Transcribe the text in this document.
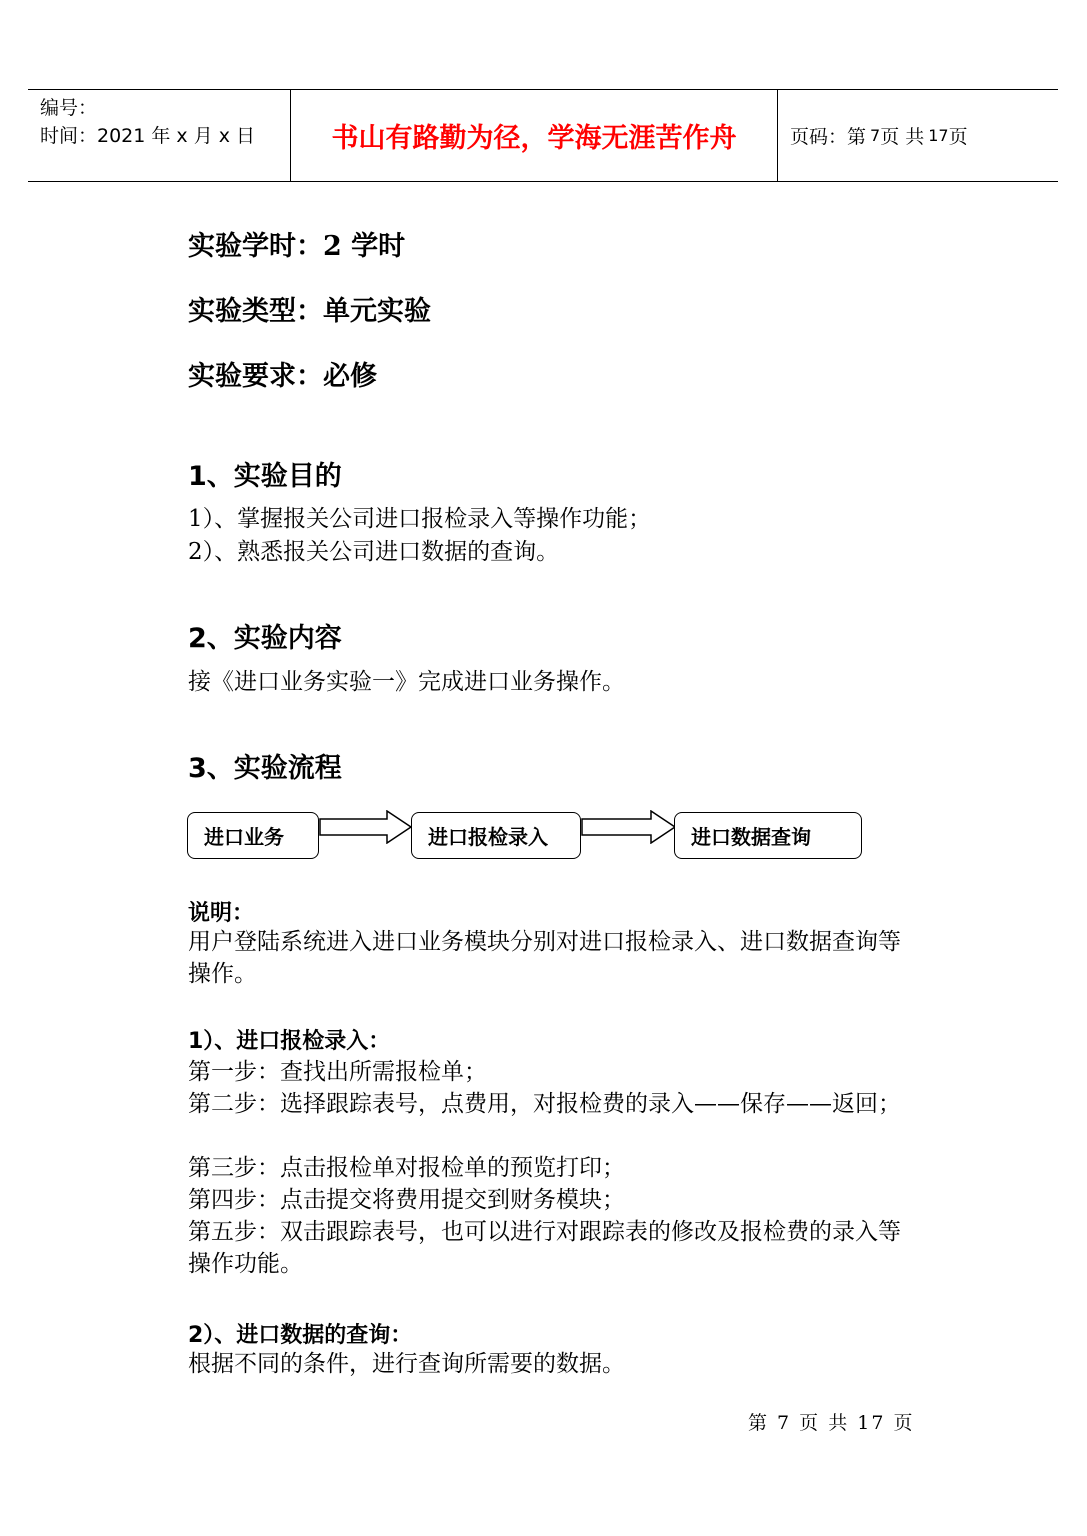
编号：
时间：2021 年 x 月 x 日	书山有路勤为径，学海无涯苦作舟	页码：第 7 页 共 17 页
实验学时：2 学时
实验类型：单元实验
实验要求：必修
1、实验目的
1）、掌握报关公司进口报检录入等操作功能；
2）、熟悉报关公司进口数据的查询。
2、实验内容
接《进口业务实验一》完成进口业务操作。
3、实验流程
进口业务	进口报检录入	进口数据查询
说明：
用户登陆系统进入进口业务模块分别对进口报检录入、进口数据查询等操作。
1）、进口报检录入：
第一步：查找出所需报检单；
第二步：选择跟踪表号，点费用，对报检费的录入——保存——返回；
第三步：点击报检单对报检单的预览打印；
第四步：点击提交将费用提交到财务模块；
第五步：双击跟踪表号，也可以进行对跟踪表的修改及报检费的录入等操作功能。
2）、进口数据的查询：
根据不同的条件，进行查询所需要的数据。
第 7 页 共 17 页
